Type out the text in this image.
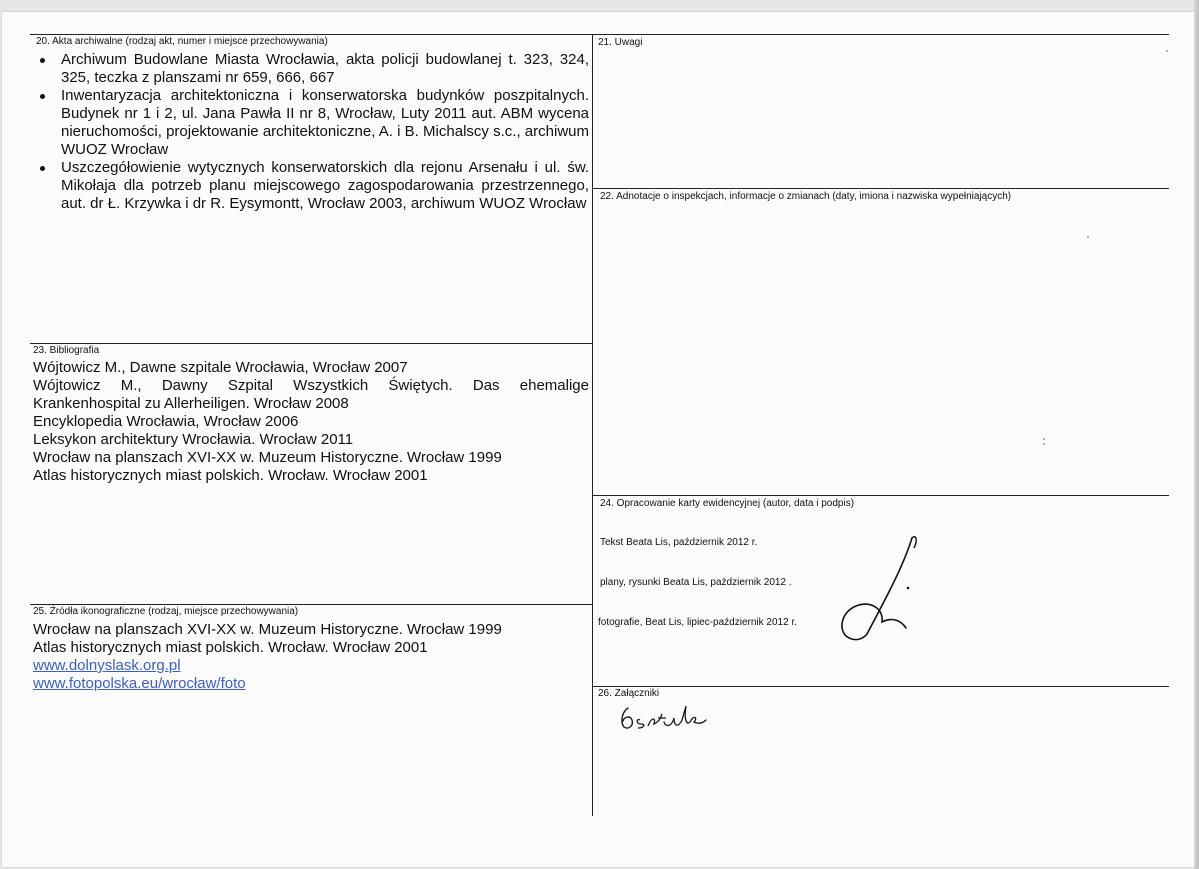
20. Akta archiwalne (rodzaj akt, numer i miejsce przechowywania)
Archiwum Budowlane Miasta Wrocławia, akta policji budowlanej t. 323, 324, 325, teczka z planszami nr 659, 666, 667
Inwentaryzacja architektoniczna i konserwatorska budynków poszpitalnych. Budynek nr 1 i 2, ul. Jana Pawła II nr 8, Wrocław, Luty 2011 aut. ABM wycena nieruchomości, projektowanie architektoniczne, A. i B. Michalscy s.c., archiwum WUOZ Wrocław
Uszczegółowienie wytycznych konserwatorskich dla rejonu Arsenału i ul. św. Mikołaja dla potrzeb planu miejscowego zagospodarowania przestrzennego, aut. dr Ł. Krzywka i dr R. Eysymontt, Wrocław 2003, archiwum WUOZ Wrocław
23. Bibliografia
Wójtowicz M., Dawne szpitale Wrocławia, Wrocław 2007
Wójtowicz M., Dawny Szpital Wszystkich Świętych. Das ehemalige
Krankenhospital zu Allerheiligen. Wrocław 2008
Encyklopedia Wrocławia, Wrocław 2006
Leksykon architektury Wrocławia. Wrocław 2011
Wrocław na planszach XVI-XX w. Muzeum Historyczne. Wrocław 1999
Atlas historycznych miast polskich. Wrocław. Wrocław 2001
25. Źródła ikonograficzne (rodzaj, miejsce przechowywania)
Wrocław na planszach XVI-XX w. Muzeum Historyczne. Wrocław 1999
Atlas historycznych miast polskich. Wrocław. Wrocław 2001
www.dolnyslask.org.pl
www.fotopolska.eu/wrocław/foto
21. Uwagi
22. Adnotacje o inspekcjach, informacje o zmianach (daty, imiona i nazwiska wypełniających)
24. Opracowanie karty ewidencyjnej (autor, data i podpis)
Tekst Beata Lis, październik 2012 r.
plany, rysunki Beata Lis, październik 2012 .
fotografie, Beat Lis, lipiec-październik 2012 r.
26. Załączniki
